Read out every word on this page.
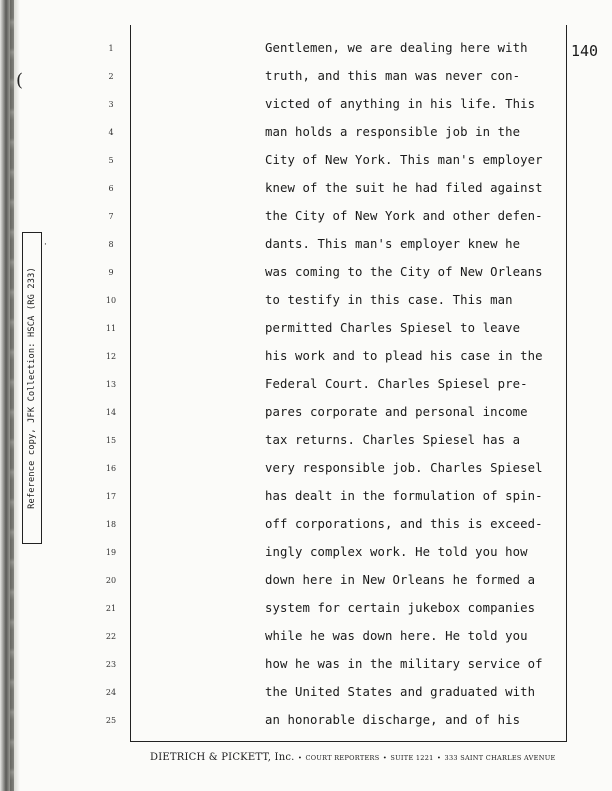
(
·
Reference copy, JFK Collection: HSCA (RG 233)
140
1	Gentlemen, we are dealing here with
2	truth, and this man was never con-
3	victed of anything in his life. This
4	man holds a responsible job in the
5	City of New York. This man's employer
6	knew of the suit he had filed against
7	the City of New York and other defen-
8	dants. This man's employer knew he
9	was coming to the City of New Orleans
10	to testify in this case. This man
11	permitted Charles Spiesel to leave
12	his work and to plead his case in the
13	Federal Court. Charles Spiesel pre-
14	pares corporate and personal income
15	tax returns. Charles Spiesel has a
16	very responsible job. Charles Spiesel
17	has dealt in the formulation of spin-
18	off corporations, and this is exceed-
19	ingly complex work. He told you how
20	down here in New Orleans he formed a
21	system for certain jukebox companies
22	while he was down here. He told you
23	how he was in the military service of
24	the United States and graduated with
25	an honorable discharge, and of his
DIETRICH & PICKETT, Inc. • COURT REPORTERS • SUITE 1221 • 333 SAINT CHARLES AVENUE
